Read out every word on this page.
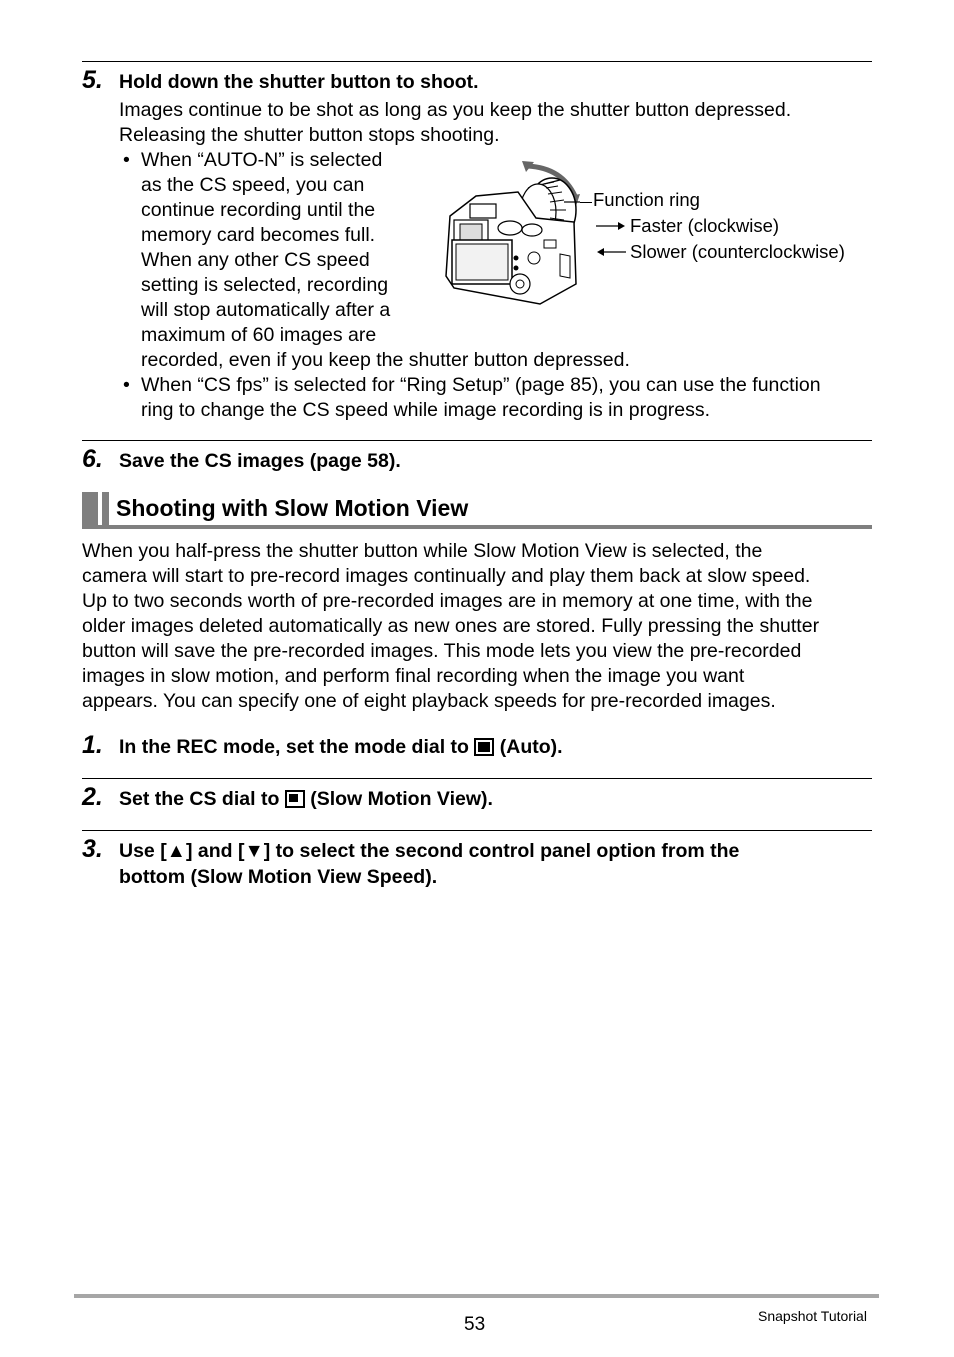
5. Hold down the shutter button to shoot.
Images continue to be shot as long as you keep the shutter button depressed.
Releasing the shutter button stops shooting.
• When “AUTO-N” is selected
as the CS speed, you can
continue recording until the
memory card becomes full.
When any other CS speed
setting is selected, recording
will stop automatically after a
maximum of 60 images are
recorded, even if you keep the shutter button depressed.
• When “CS fps” is selected for “Ring Setup” (page 85), you can use the function
ring to change the CS speed while image recording is in progress.
Function ring
Faster (clockwise)
Slower (counterclockwise)
6. Save the CS images (page 58).
Shooting with Slow Motion View
When you half-press the shutter button while Slow Motion View is selected, the
camera will start to pre-record images continually and play them back at slow speed.
Up to two seconds worth of pre-recorded images are in memory at one time, with the
older images deleted automatically as new ones are stored. Fully pressing the shutter
button will save the pre-recorded images. This mode lets you view the pre-recorded
images in slow motion, and perform final recording when the image you want
appears. You can specify one of eight playback speeds for pre-recorded images.
1. In the REC mode, set the mode dial to  (Auto).
2. Set the CS dial to  (Slow Motion View).
3. Use [▲] and [▼] to select the second control panel option from the
bottom (Slow Motion View Speed).
53	Snapshot Tutorial
